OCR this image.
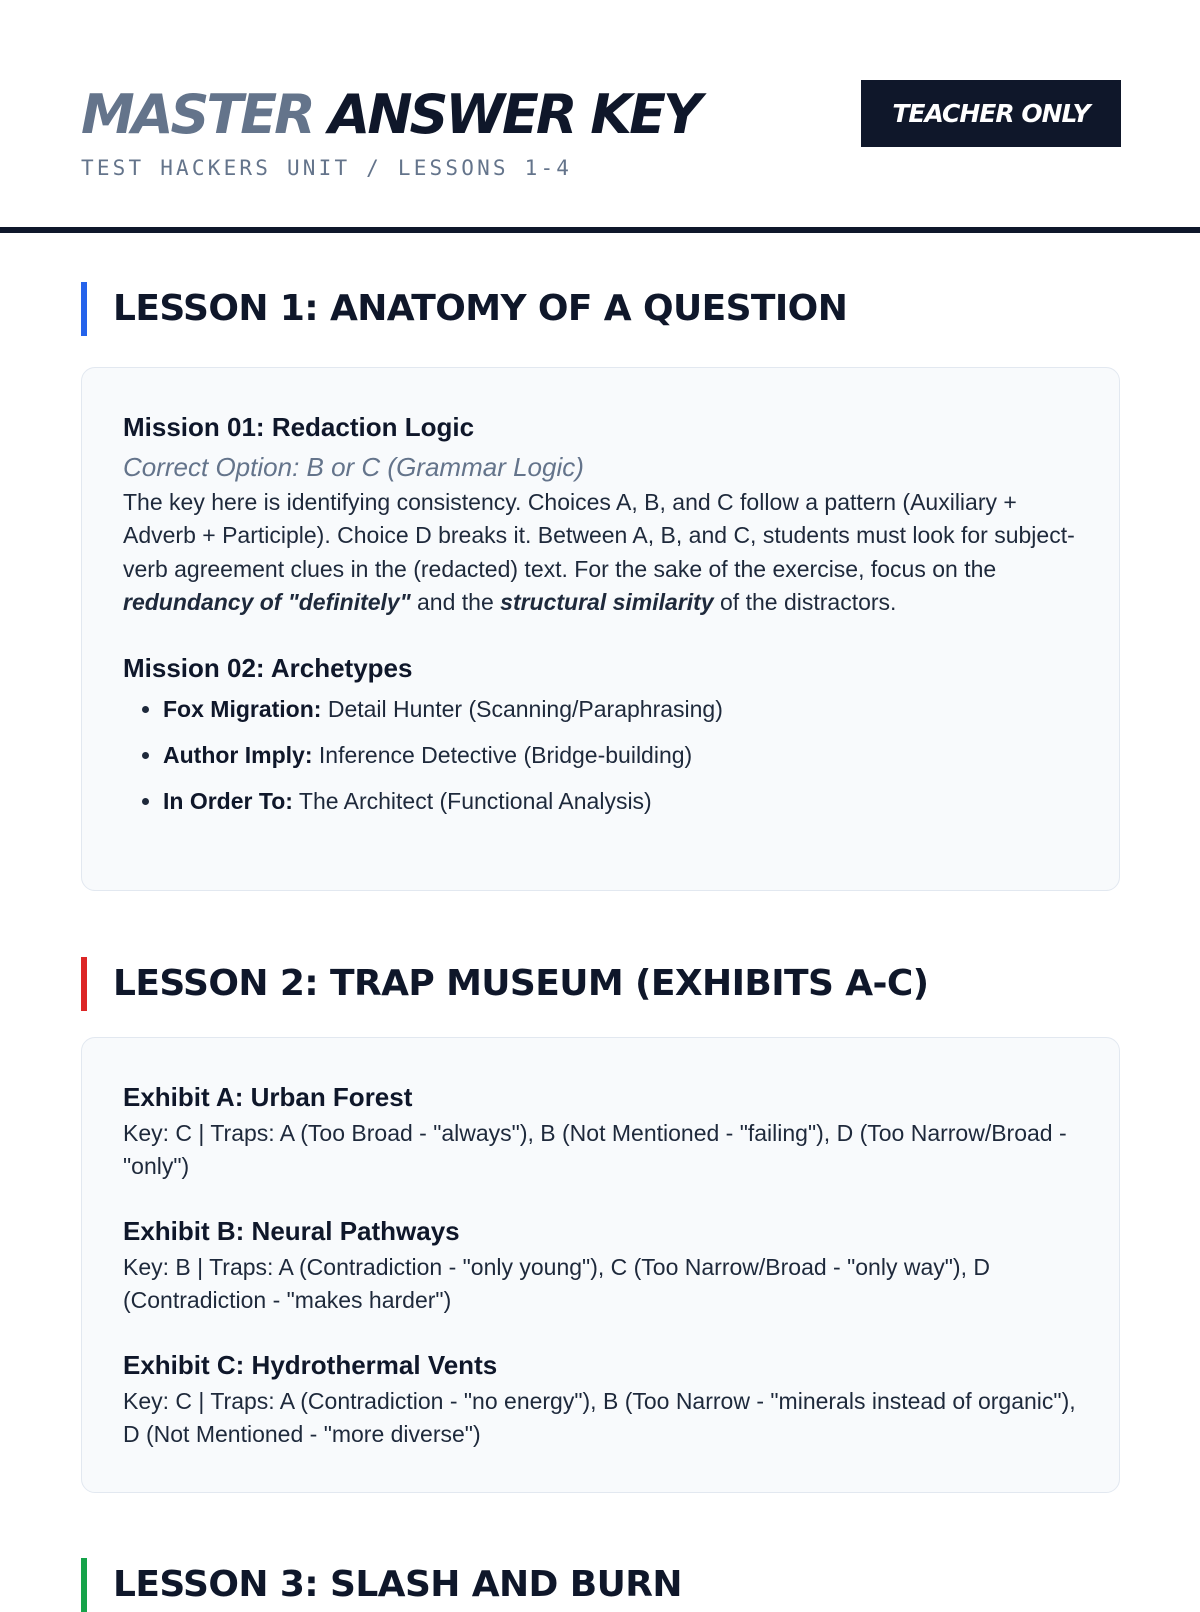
MASTER ANSWER KEY
TEST HACKERS UNIT / LESSONS 1-4
TEACHER ONLY
LESSON 1: ANATOMY OF A QUESTION
Mission 01: Redaction Logic
Correct Option: B or C (Grammar Logic)

The key here is identifying consistency. Choices A, B, and C follow a pattern (Auxiliary + Adverb + Participle). Choice D breaks it. Between A, B, and C, students must look for subject-verb agreement clues in the (redacted) text. For the sake of the exercise, focus on the redundancy of "definitely" and the structural similarity of the distractors.

Mission 02: Archetypes
• Fox Migration: Detail Hunter (Scanning/Paraphrasing)
• Author Imply: Inference Detective (Bridge-building)
• In Order To: The Architect (Functional Analysis)
LESSON 2: TRAP MUSEUM (EXHIBITS A-C)
Exhibit A: Urban Forest

Key: C | Traps: A (Too Broad - "always"), B (Not Mentioned - "failing"), D (Too Narrow/Broad - "only")

Exhibit B: Neural Pathways

Key: B | Traps: A (Contradiction - "only young"), C (Too Narrow/Broad - "only way"), D (Contradiction - "makes harder")

Exhibit C: Hydrothermal Vents

Key: C | Traps: A (Contradiction - "no energy"), B (Too Narrow - "minerals instead of organic"), D (Not Mentioned - "more diverse")

LESSON 3: SLASH AND BURN
